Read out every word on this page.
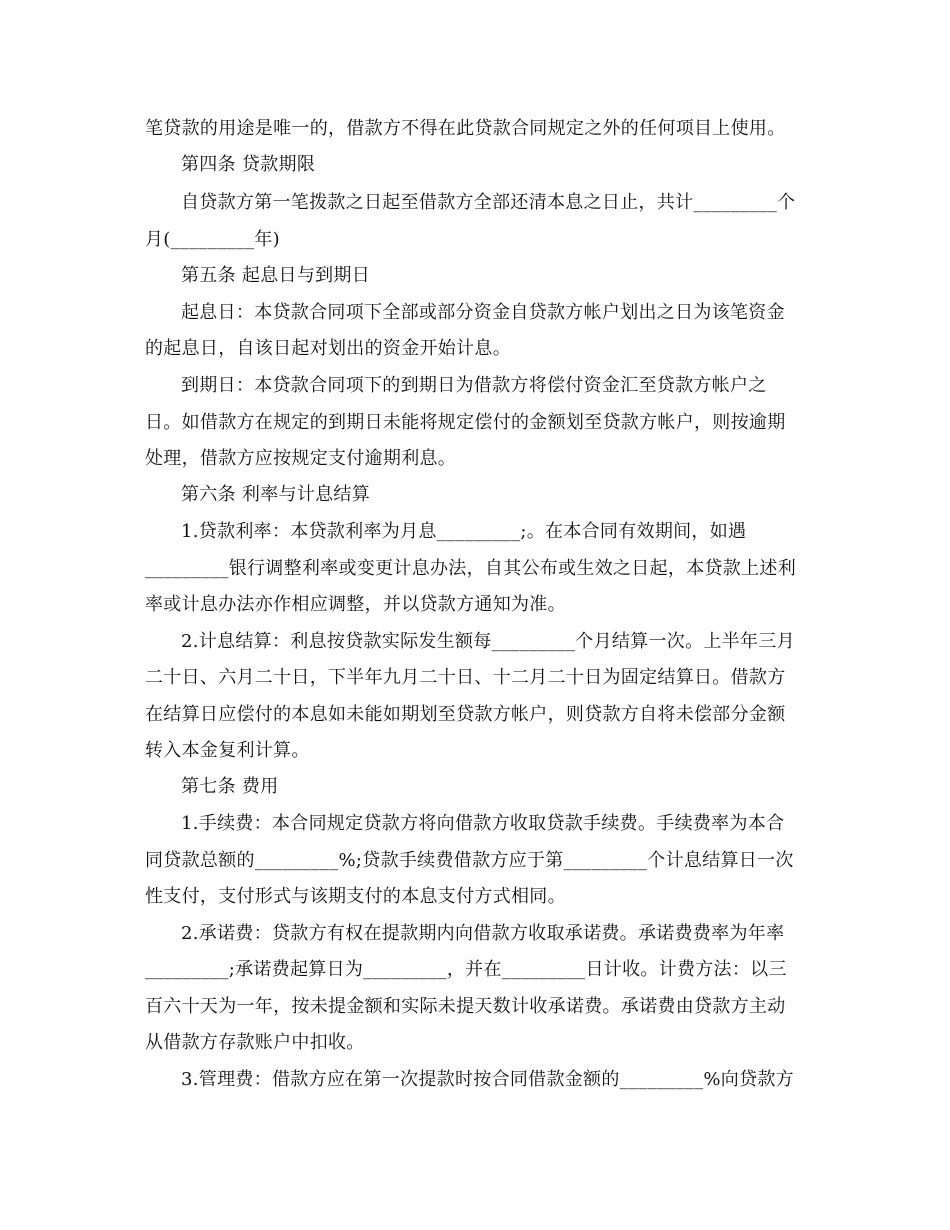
笔贷款的用途是唯一的，借款方不得在此贷款合同规定之外的任何项目上使用。
第四条 贷款期限
自贷款方第一笔拨款之日起至借款方全部还清本息之日止，共计_________个
月(_________年)
第五条 起息日与到期日
起息日：本贷款合同项下全部或部分资金自贷款方帐户划出之日为该笔资金
的起息日，自该日起对划出的资金开始计息。
到期日：本贷款合同项下的到期日为借款方将偿付资金汇至贷款方帐户之
日。如借款方在规定的到期日未能将规定偿付的金额划至贷款方帐户，则按逾期
处理，借款方应按规定支付逾期利息。
第六条 利率与计息结算
1.贷款利率：本贷款利率为月息_________;。在本合同有效期间，如遇
_________银行调整利率或变更计息办法，自其公布或生效之日起，本贷款上述利
率或计息办法亦作相应调整，并以贷款方通知为准。
2.计息结算：利息按贷款实际发生额每_________个月结算一次。上半年三月
二十日、六月二十日，下半年九月二十日、十二月二十日为固定结算日。借款方
在结算日应偿付的本息如未能如期划至贷款方帐户，则贷款方自将未偿部分金额
转入本金复利计算。
第七条 费用
1.手续费：本合同规定贷款方将向借款方收取贷款手续费。手续费率为本合
同贷款总额的_________%;贷款手续费借款方应于第_________个计息结算日一次
性支付，支付形式与该期支付的本息支付方式相同。
2.承诺费：贷款方有权在提款期内向借款方收取承诺费。承诺费费率为年率
_________;承诺费起算日为_________，并在_________日计收。计费方法：以三
百六十天为一年，按未提金额和实际未提天数计收承诺费。承诺费由贷款方主动
从借款方存款账户中扣收。
3.管理费：借款方应在第一次提款时按合同借款金额的_________%向贷款方
